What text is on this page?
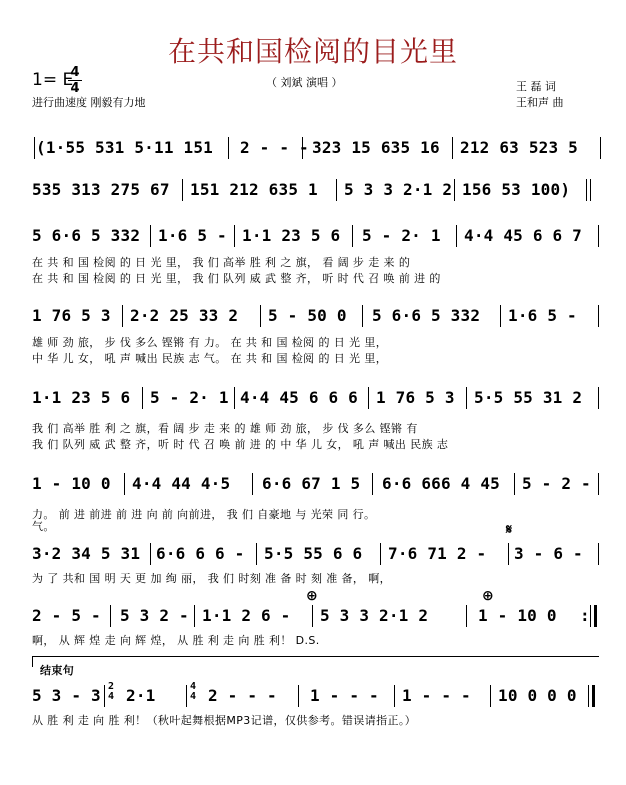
在共和国检阅的目光里
1= E
4
4	（ 刘斌 演唱 ）
进行曲速度 刚毅有力地
王 磊 词
王和声 曲
(1·55 531 5·11 151 2 - - - 323 15 635 16 212 63 523 5
535 313 275 67 151 212 635 1 5 3 3 2·1 2 156 53 100)
5 6·6 5 332 1·6 5 - 1·1 23 5 6 5 - 2· 1 4·4 45 6 6 7
在 共 和 国 检阅 的 日 光 里， 我 们 高举 胜 利 之 旗， 看 阔 步 走 来 的
在 共 和 国 检阅 的 日 光 里， 我 们 队列 威 武 整 齐， 听 时 代 召 唤 前 进 的
1 76 5 3 2·2 25 33 2 5 - 50 0 5 6·6 5 332 1·6 5 -
雄 师 劲 旅， 步 伐 多么 铿锵 有 力。 在 共 和 国 检阅 的 日 光 里，
中 华 儿 女， 吼 声 喊出 民族 志 气。 在 共 和 国 检阅 的 日 光 里，
1·1 23 5 6 5 - 2· 1 4·4 45 6 6 6 1 76 5 3 5·5 55 31 2
我 们 高举 胜 利 之 旗，看 阔 步 走 来 的 雄 师 劲 旅， 步 伐 多么 铿锵 有
我 们 队列 威 武 整 齐，听 时 代 召 唤 前 进 的 中 华 儿 女， 吼 声 喊出 民族 志
1 - 10 0 4·4 44 4·5 6·6 67 1 5 6·6 666 4 45 5 - 2 -
力。 前 进 前进 前 进 向 前 向前进， 我 们 自豪地 与 光荣 同 行。
气。	𝄋
3·2 34 5 31 6·6 6 6 - 5·5 55 6 6 7·6 71 2 - 3 - 6 -
为 了 共和 国 明 天 更 加 绚 丽， 我 们 时刻 准 备 时 刻 准 备， 啊，
⊕	⊕
2 - 5 - 5 3 2 - 1·1 2 6 - 5 3 3 2·1 2	1 - 10 0 :
啊， 从 辉 煌 走 向 辉 煌， 从 胜 利 走 向 胜 利！ D.S.
结束句
5 3 - 3 2
4 2·1	4
4 2 - - - 1 - - - 1 - - - 10 0 0 0
从 胜 利 走 向 胜 利！（秋叶起舞根据MP3记谱，仅供参考。错误请指正。）
